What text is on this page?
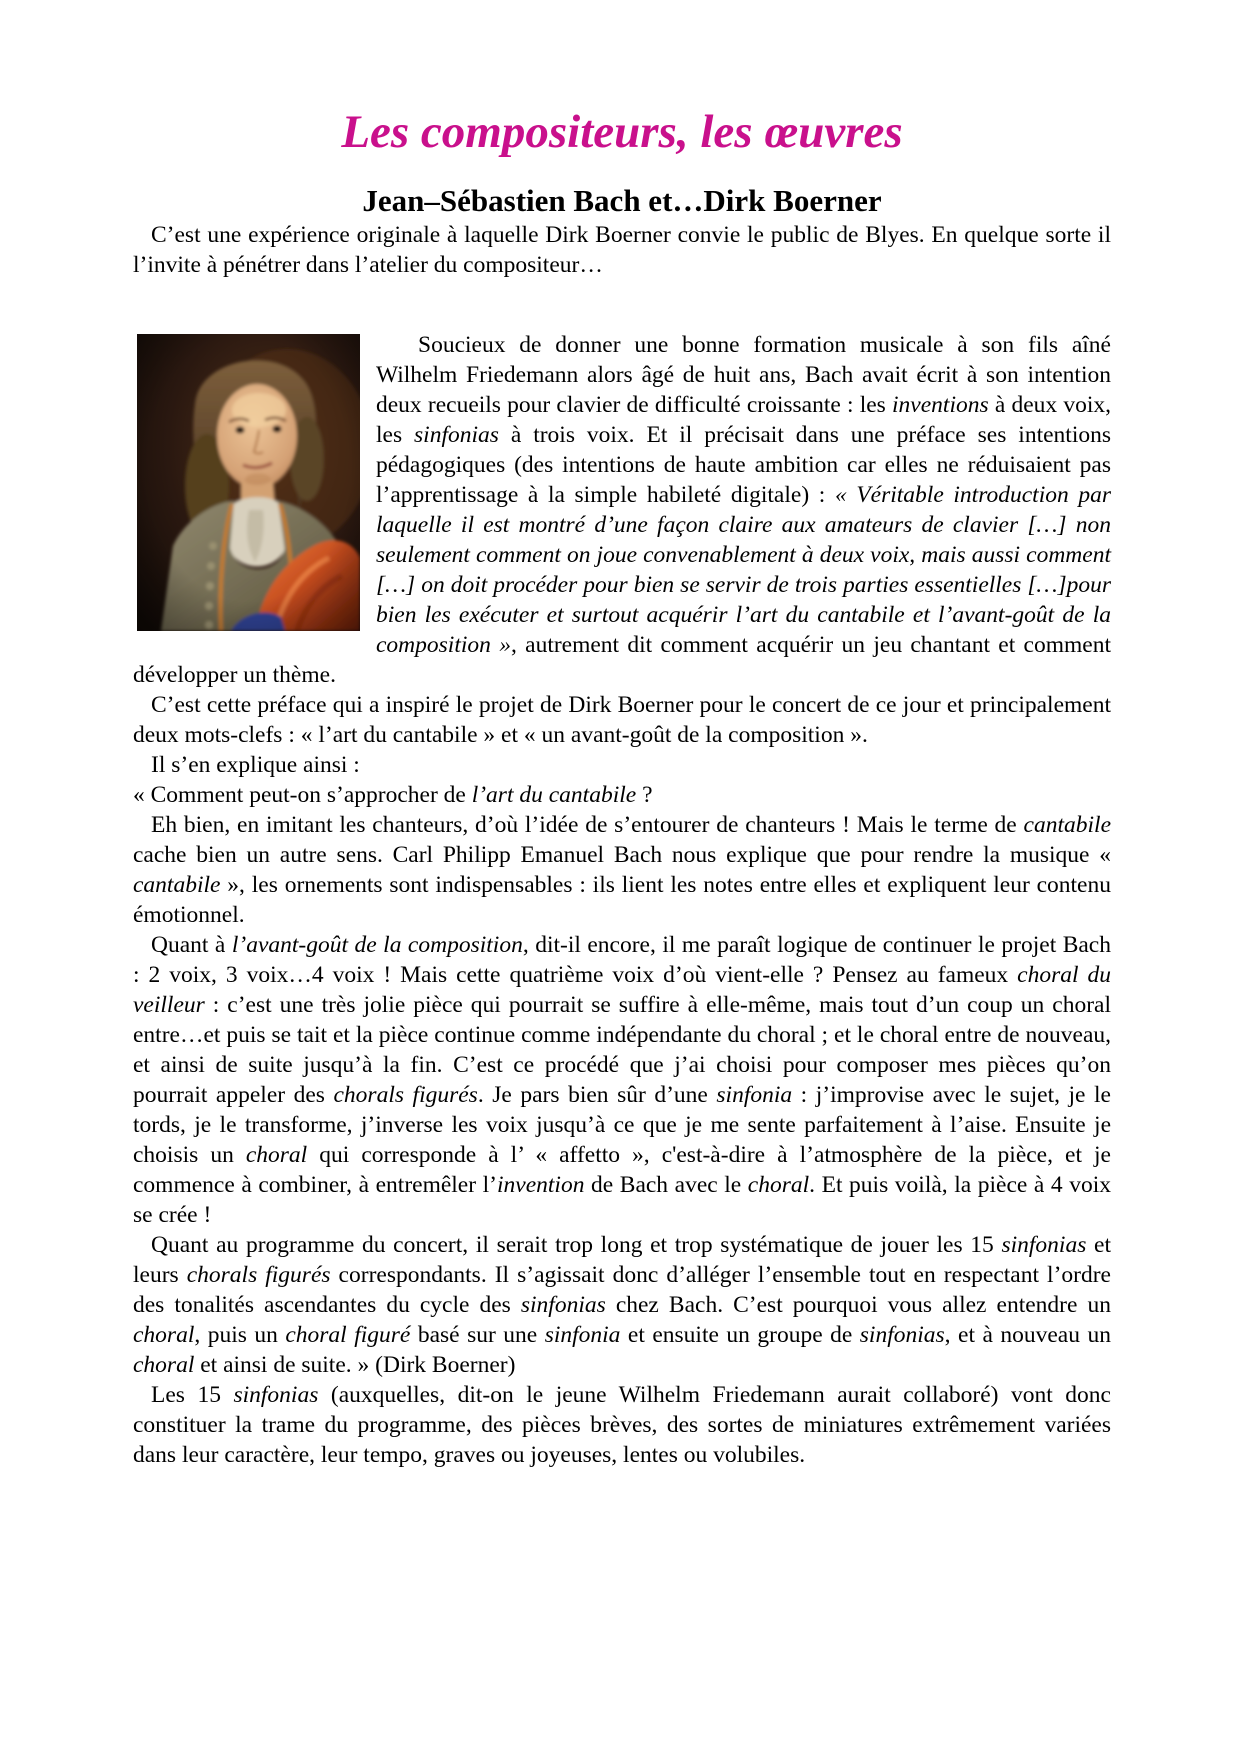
Les compositeurs, les œuvres
Jean–Sébastien Bach et…Dirk Boerner

C’est une expérience originale à laquelle Dirk Boerner convie le public de Blyes. En quelque sorte il l’invite à pénétrer dans l’atelier du compositeur…

Soucieux de donner une bonne formation musicale à son fils aîné Wilhelm Friedemann alors âgé de huit ans, Bach avait écrit à son intention deux recueils pour clavier de difficulté croissante : les inventions à deux voix, les sinfonias à trois voix. Et il précisait dans une préface ses intentions pédagogiques (des intentions de haute ambition car elles ne réduisaient pas l’apprentissage à la simple habileté digitale) : « Véritable introduction par laquelle il est montré d’une façon claire aux amateurs de clavier […] non seulement comment on joue convenablement à deux voix, mais aussi comment […] on doit procéder pour bien se servir de trois parties essentielles […]pour bien les exécuter et surtout acquérir l’art du cantabile et l’avant-goût de la composition », autrement dit comment acquérir un jeu chantant et comment développer un thème.

C’est cette préface qui a inspiré le projet de Dirk Boerner pour le concert de ce jour et principalement deux mots-clefs : « l’art du cantabile » et « un avant-goût de la composition ».

Il s’en explique ainsi :

« Comment peut-on s’approcher de l’art du cantabile ?

Eh bien, en imitant les chanteurs, d’où l’idée de s’entourer de chanteurs ! Mais le terme de cantabile cache bien un autre sens. Carl Philipp Emanuel Bach nous explique que pour rendre la musique « cantabile », les ornements sont indispensables : ils lient les notes entre elles et expliquent leur contenu émotionnel.

Quant à l’avant-goût de la composition, dit-il encore, il me paraît logique de continuer le projet Bach : 2 voix, 3 voix…4 voix ! Mais cette quatrième voix d’où vient-elle ? Pensez au fameux choral du veilleur : c’est une très jolie pièce qui pourrait se suffire à elle-même, mais tout d’un coup un choral entre…et puis se tait et la pièce continue comme indépendante du choral ; et le choral entre de nouveau, et ainsi de suite jusqu’à la fin. C’est ce procédé que j’ai choisi pour composer mes pièces qu’on pourrait appeler des chorals figurés. Je pars bien sûr d’une sinfonia : j’improvise avec le sujet, je le tords, je le transforme, j’inverse les voix jusqu’à ce que je me sente parfaitement à l’aise. Ensuite je choisis un choral qui corresponde à l’ « affetto », c'est-à-dire à l’atmosphère de la pièce, et je commence à combiner, à entremêler l’invention de Bach avec le choral. Et puis voilà, la pièce à 4 voix se crée !

Quant au programme du concert, il serait trop long et trop systématique de jouer les 15 sinfonias et leurs chorals figurés correspondants. Il s’agissait donc d’alléger l’ensemble tout en respectant l’ordre des tonalités ascendantes du cycle des sinfonias chez Bach. C’est pourquoi vous allez entendre un choral, puis un choral figuré basé sur une sinfonia et ensuite un groupe de sinfonias, et à nouveau un choral et ainsi de suite. » (Dirk Boerner)

Les 15 sinfonias (auxquelles, dit-on le jeune Wilhelm Friedemann aurait collaboré) vont donc constituer la trame du programme, des pièces brèves, des sortes de miniatures extrêmement variées dans leur caractère, leur tempo, graves ou joyeuses, lentes ou volubiles.
